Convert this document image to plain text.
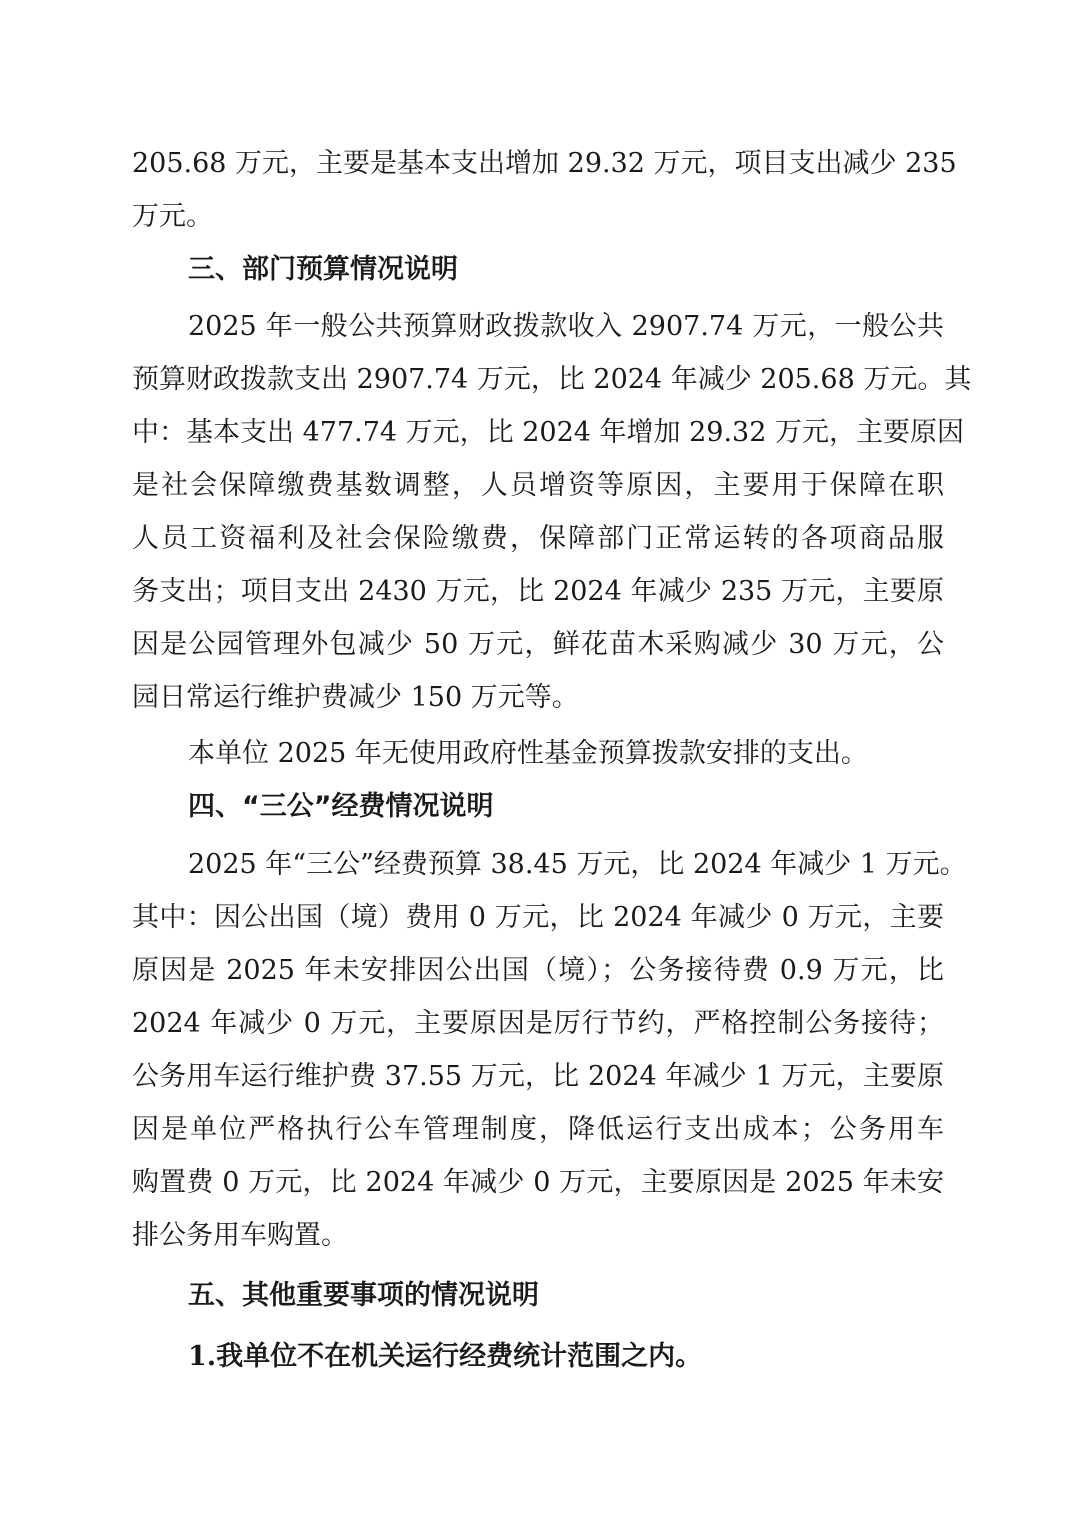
205.68 万元，主要是基本支出增加 29.32 万元，项目支出减少 235
万元。
三、部门预算情况说明
2025 年一般公共预算财政拨款收入 2907.74 万元，一般公共
预算财政拨款支出 2907.74 万元，比 2024 年减少 205.68 万元。其
中：基本支出 477.74 万元，比 2024 年增加 29.32 万元，主要原因
是社会保障缴费基数调整，人员增资等原因，主要用于保障在职
人员工资福利及社会保险缴费，保障部门正常运转的各项商品服
务支出；项目支出 2430 万元，比 2024 年减少 235 万元，主要原
因是公园管理外包减少 50 万元，鲜花苗木采购减少 30 万元，公
园日常运行维护费减少 150 万元等。
本单位 2025 年无使用政府性基金预算拨款安排的支出。
四、“三公”经费情况说明
2025 年“三公”经费预算 38.45 万元，比 2024 年减少 1 万元。
其中：因公出国（境）费用 0 万元，比 2024 年减少 0 万元，主要
原因是 2025 年未安排因公出国（境）；公务接待费 0.9 万元，比
2024 年减少 0 万元，主要原因是厉行节约，严格控制公务接待；
公务用车运行维护费 37.55 万元，比 2024 年减少 1 万元，主要原
因是单位严格执行公车管理制度，降低运行支出成本；公务用车
购置费 0 万元，比 2024 年减少 0 万元，主要原因是 2025 年未安
排公务用车购置。
五、其他重要事项的情况说明
1.我单位不在机关运行经费统计范围之内。
